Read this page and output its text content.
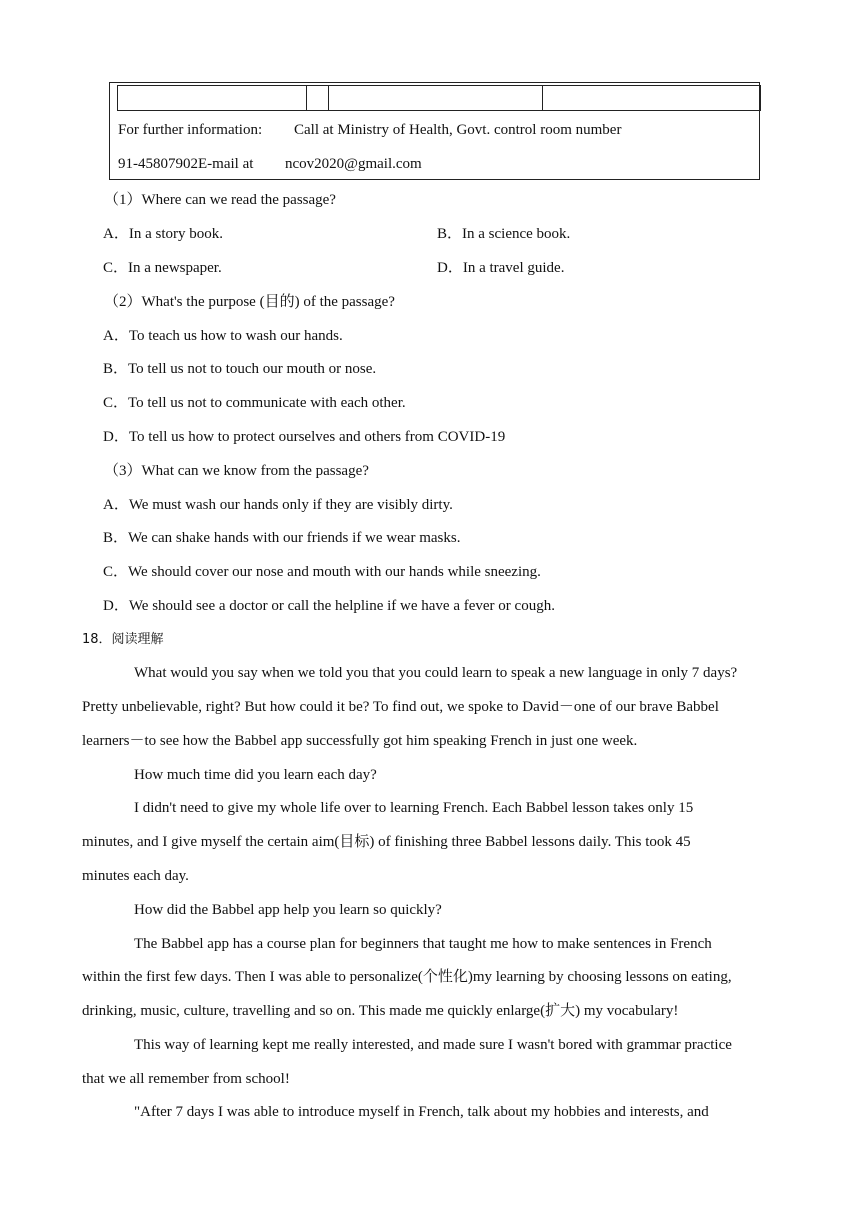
For further information: Call at Ministry of Health, Govt. control room number
91-45807902E-mail at ncov2020@gmail.com
（1）Where can we read the passage?
A．In a story book.	B．In a science book.
C．In a newspaper.	D．In a travel guide.
（2）What's the purpose (目的) of the passage?
A．To teach us how to wash our hands.
B．To tell us not to touch our mouth or nose.
C．To tell us not to communicate with each other.
D．To tell us how to protect ourselves and others from COVID-19
（3）What can we know from the passage?
A．We must wash our hands only if they are visibly dirty.
B．We can shake hands with our friends if we wear masks.
C．We should cover our nose and mouth with our hands while sneezing.
D．We should see a doctor or call the helpline if we have a fever or cough.
18．阅读理解
What would you say when we told you that you could learn to speak a new language in only 7 days?
Pretty unbelievable, right? But how could it be? To find out, we spoke to David－one of our brave Babbel
learners－to see how the Babbel app successfully got him speaking French in just one week.
How much time did you learn each day?
I didn't need to give my whole life over to learning French. Each Babbel lesson takes only 15
minutes, and I give myself the certain aim(目标) of finishing three Babbel lessons daily. This took 45
minutes each day.
How did the Babbel app help you learn so quickly?
The Babbel app has a course plan for beginners that taught me how to make sentences in French
within the first few days. Then I was able to personalize(个性化)my learning by choosing lessons on eating,
drinking, music, culture, travelling and so on. This made me quickly enlarge(扩大) my vocabulary!
This way of learning kept me really interested, and made sure I wasn't bored with grammar practice
that we all remember from school!
"After 7 days I was able to introduce myself in French, talk about my hobbies and interests, and
